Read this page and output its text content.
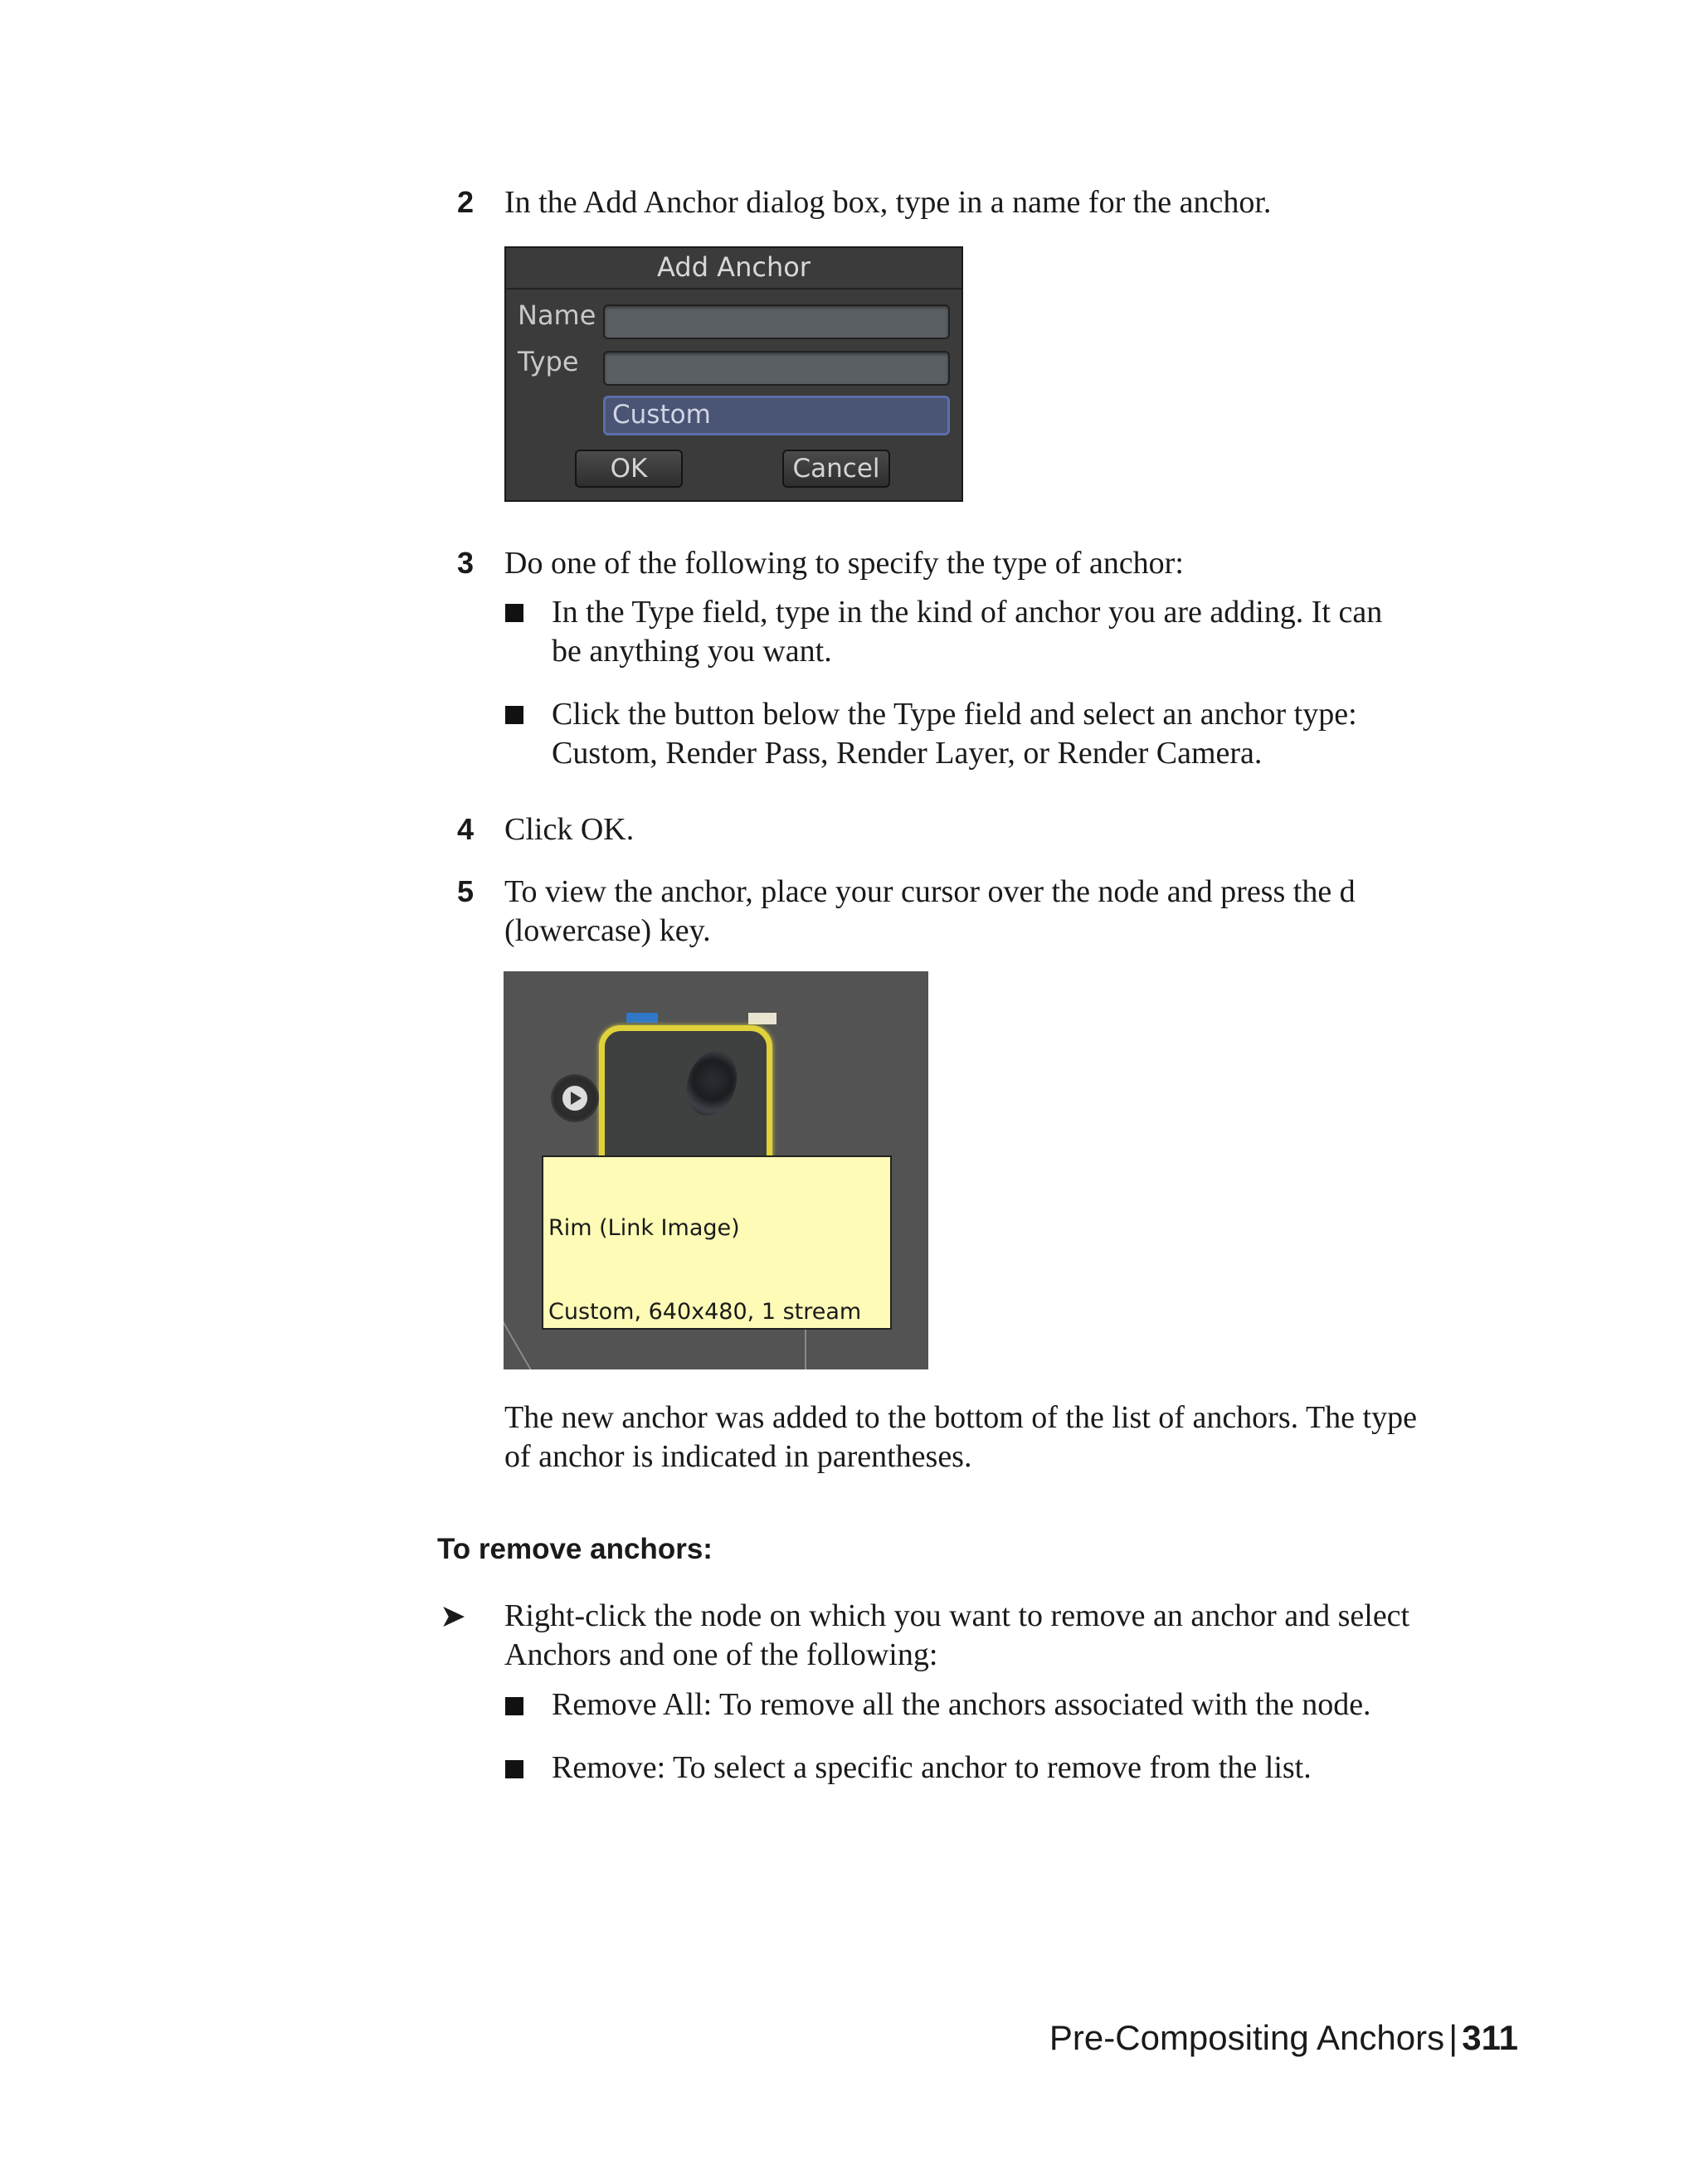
2 In the Add Anchor dialog box, type in a name for the anchor.
Add Anchor
Name
Type
Custom
OK	Cancel
3 Do one of the following to specify the type of anchor:
In the Type field, type in the kind of anchor you are adding. It can
be anything you want.
Click the button below the Type field and select an anchor type:
Custom, Render Pass, Render Layer, or Render Camera.
4 Click OK.
5 To view the anchor, place your cursor over the node and press the d
(lowercase) key.

Rim (Link Image)

Custom, 640x480, 1 stream

The new anchor was added to the bottom of the list of anchors. The type
of anchor is indicated in parentheses.
To remove anchors:
➤ Right-click the node on which you want to remove an anchor and select
Anchors and one of the following:
Remove All: To remove all the anchors associated with the node.
Remove: To select a specific anchor to remove from the list.
Pre-Compositing Anchors | 311
